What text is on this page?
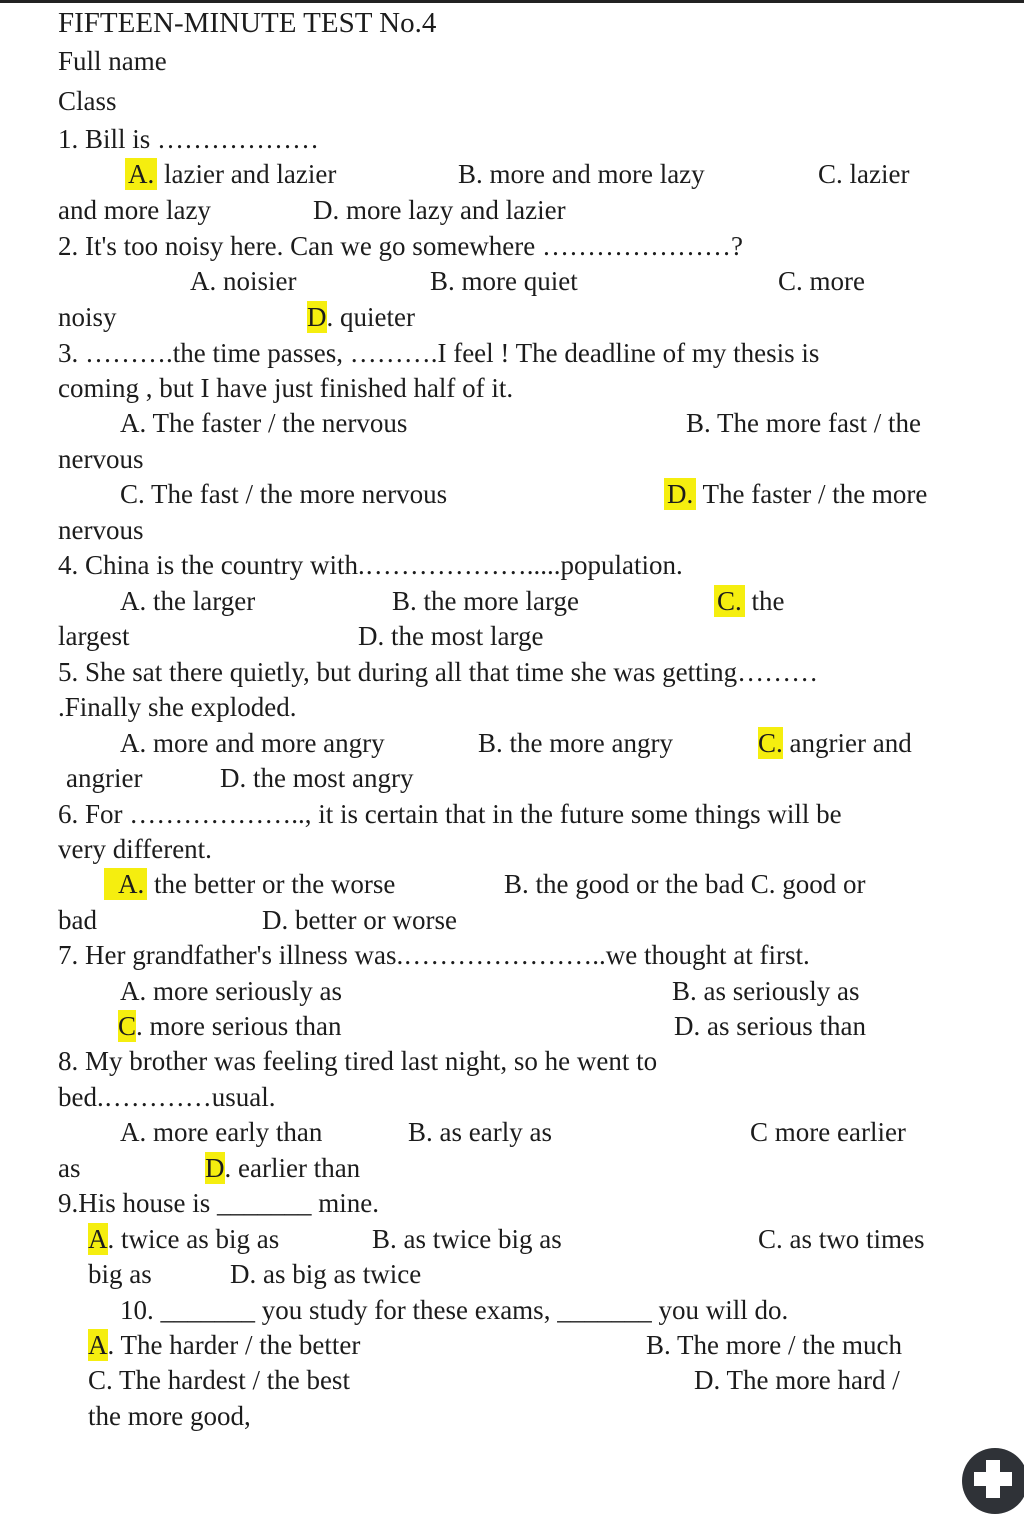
FIFTEEN-MINUTE TEST No.4
Full name
Class
1. Bill is ………………
A. lazier and lazier	B. more and more lazy	C. lazier
and more lazy	D. more lazy and lazier
2. It's too noisy here. Can we go somewhere …………………?
A. noisier	B. more quiet	C. more
noisy	D. quieter
3. ……….the time passes, ……….I feel ! The deadline of my thesis is
coming , but I have just finished half of it.
A. The faster / the nervous	B. The more fast / the
nervous
C. The fast / the more nervous	D. The faster / the more
nervous
4. China is the country with.……………….....population.
A. the larger	B. the more large	C. the
largest	D. the most large
5. She sat there quietly, but during all that time she was getting………
.Finally she exploded.
A. more and more angry	B. the more angry	C. angrier and
angrier	D. the most angry
6. For ……………….., it is certain that in the future some things will be
very different.
A. the better or the worse	B. the good or the bad C. good or
bad	D. better or worse
7. Her grandfather's illness was.…………………..we thought at first.
A. more seriously as	B. as seriously as
C. more serious than	D. as serious than
8. My brother was feeling tired last night, so he went to
bed.…………usual.
A. more early than	B. as early as	C more earlier
as	D. earlier than
9.His house is _______ mine.
A. twice as big as	B. as twice big as	C. as two times
big as	D. as big as twice
10. _______ you study for these exams, _______ you will do.
A. The harder / the better	B. The more / the much
C. The hardest / the best	D. The more hard /
the more good,
